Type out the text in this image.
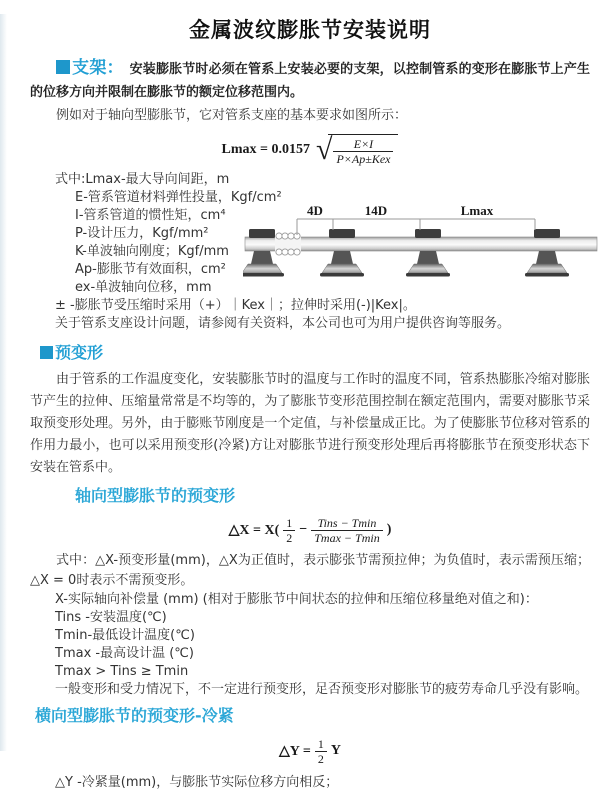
金属波纹膨胀节安装说明

支架： 安装膨胀节时必须在管系上安装必要的支架，以控制管系的变形在膨胀节上产生的位移方向并限制在膨胀节的额定位移范围内。

例如对于轴向型膨胀节，它对管系支座的基本要求如图所示：

Lmax = 0.0157 √ $\frac{E\times I}{\text{P×Ap±Kex}}$

式中:Lmax-最大导向间距，m

E-管系管道材料弹性投量，Kgf/cm²

I-管系管道的惯性矩，cm⁴

P-设计压力，Kgf/mm²

K-单波轴向刚度；Kgf/mm

Ap-膨胀节有效面积，cm²

ex-单波轴向位移，mm

± -膨胀节受压缩时采用（+）｜Kex｜；拉伸时采用(-)|Kex|。

关于管系支座设计问题，请参阅有关资料，本公司也可为用户提供咨询等服务。

4D	14D	Lmax
预变形

由于管系的工作温度变化，安装膨胀节时的温度与工作时的温度不同，管系热膨胀冷缩对膨胀节产生的拉伸、压缩量常常是不均等的，为了膨胀节变形范围控制在额定范围内，需要对膨胀节采取预变形处理。另外，由于膨账节刚度是一个定值，与补偿量成正比。为了使膨胀节位移对管系的作用力最小，也可以采用预变形(冷紧)方让对膨胀节进行预变形处理后再将膨胀节在预变形状态下安装在管系中。

轴向型膨胀节的预变形
△X = $X( \frac{1}{2} - \frac{\text{Tins − Tmin}}{Tmax - Tmin}$ )

式中：△X-预变形量(mm)，△X为正值时，表示膨张节需预拉伸；为负值时，表示需预压缩；△X = 0时表示不需预变形。

X-实际轴向补偿量 (mm) (相对于膨胀节中间状态的拉伸和压缩位移量绝对值之和)：

Tins -安装温度(℃)

Tmin-最低设计温度(℃)

Tmax -最高设计温 (℃)

Tmax > Tins ≥ Tmin

一般变形和受力情况下，不一定进行预变形，足否预变形对膨胀节的疲劳寿命几乎没有影响。

横向型膨胀节的预变形-冷紧
△Y = $\frac{1}{2}$ Y

△Y -冷紧量(mm)，与膨胀节实际位移方向相反；
